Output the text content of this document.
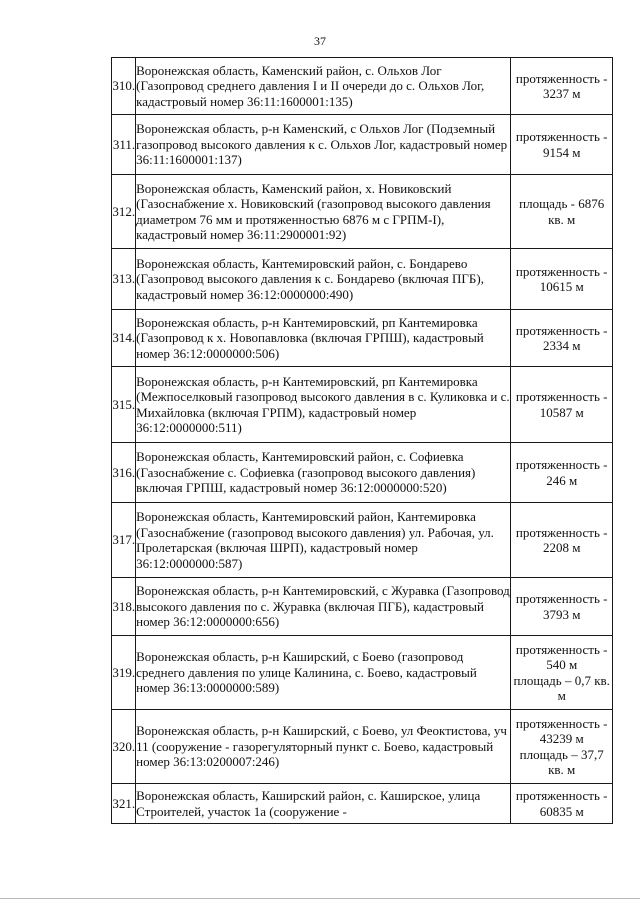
37
310.	Воронежская область, Каменский район, с. Ольхов Лог (Газопровод среднего давления I и II очереди до с. Ольхов Лог, кадастровый номер 36:11:1600001:135)	протяженность - 3237 м

311.	Воронежская область, р-н Каменский, с Ольхов Лог (Подземный газопровод высокого давления к с. Ольхов Лог, кадастровый номер 36:11:1600001:137)	протяженность - 9154 м

312.	Воронежская область, Каменский район, х. Новиковский (Газоснабжение х. Новиковский (газопровод высокого давления диаметром 76 мм и протяженностью 6876 м с ГРПМ-I), кадастровый номер 36:11:2900001:92)	площадь - 6876 кв. м

313.	Воронежская область, Кантемировский район, с. Бондарево (Газопровод высокого давления к с. Бондарево (включая ПГБ), кадастровый номер 36:12:0000000:490)	протяженность - 10615 м

314.	Воронежская область, р-н Кантемировский, рп Кантемировка (Газопровод к х. Новопавловка (включая ГРПШ), кадастровый номер 36:12:0000000:506)	протяженность - 2334 м

315.	Воронежская область, р-н Кантемировский, рп Кантемировка (Межпоселковый газопровод высокого давления в с. Куликовка и с. Михайловка (включая ГРПМ), кадастровый номер 36:12:0000000:511)	протяженность - 10587 м

316.	Воронежская область, Кантемировский район, с. Софиевка (Газоснабжение с. Софиевка (газопровод высокого давления) включая ГРПШ, кадастровый номер 36:12:0000000:520)	протяженность - 246 м

317.	Воронежская область, Кантемировский район, Кантемировка (Газоснабжение (газопровод высокого давления) ул. Рабочая, ул. Пролетарская (включая ШРП), кадастровый номер 36:12:0000000:587)	протяженность - 2208 м

318.	Воронежская область, р-н Кантемировский, с Журавка (Газопровод высокого давления по с. Журавка (включая ПГБ), кадастровый номер 36:12:0000000:656)	протяженность - 3793 м

319.	Воронежская область, р-н Каширский, с Боево (газопровод среднего давления по улице Калинина, с. Боево, кадастровый номер 36:13:0000000:589)	протяженность - 540 м
площадь – 0,7 кв. м

320.	Воронежская область, р-н Каширский, с Боево, ул Феоктистова, уч 11 (сооружение - газорегуляторный пункт с. Боево, кадастровый номер 36:13:0200007:246)	протяженность - 43239 м
площадь – 37,7 кв. м

321.	Воронежская область, Каширский район, с. Каширское, улица Строителей, участок 1а (сооружение -	протяженность - 60835 м
